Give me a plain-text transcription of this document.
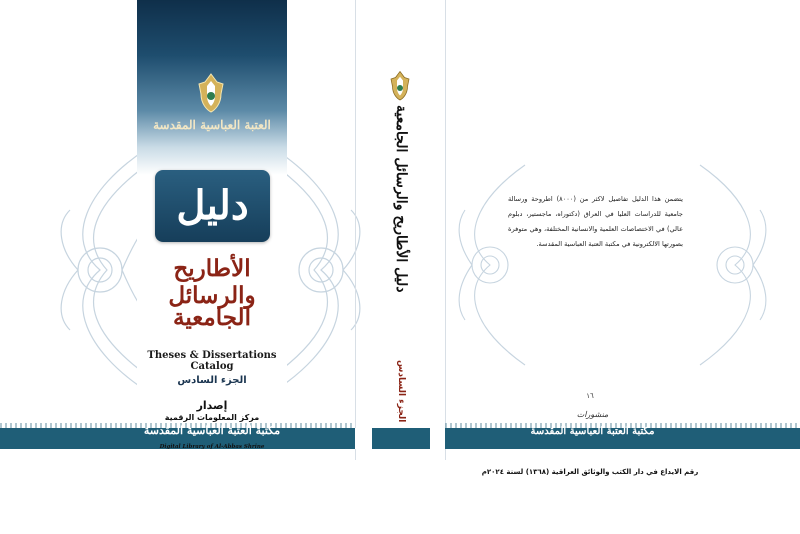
العتبة العباسية المقدسة
دليل
الأطاريح والرسائل
الجامعية
Theses & Dissertations Catalog
الجزء السادس
إصدار
مركز المعلومات الرقمية
مكتبة العتبة العباسية المقدسة
Digital Library of Al-Abbas Shrine
دليل الأطاريح والرسائل الجامعية
الجزء السادس
يتضمن هذا الدليل تفاصيل لاكثر من (٨٠٠٠) اطروحة ورسالة جامعية للدراسات العليا في العراق (دكتوراه، ماجستير، دبلوم عالي) في الاختصاصات العلمية والانسانية المختلفة، وهي متوفرة بصورتها الالكترونية في مكتبة العتبة العباسية المقدسة.
١٦
منشورات
مكتبة العتبة العباسية المقدسة
رقم الايداع في دار الكتب والوثائق العراقية (١٣٦٨) لسنة ٢٠٢٤م
